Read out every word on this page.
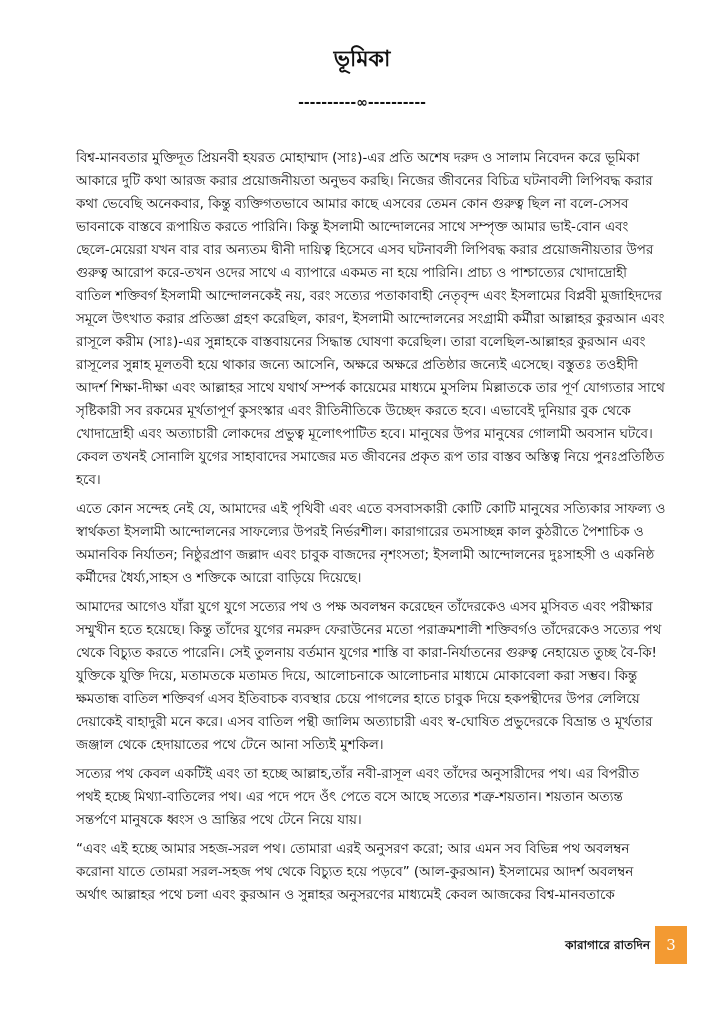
ভূমিকা
----------∞----------

বিশ্ব-মানবতার মুক্তিদূত প্রিয়নবী হযরত মোহাম্মাদ (সাঃ)-এর প্রতি অশেষ দরুদ ও সালাম নিবেদন করে ভূমিকা আকারে দুটি কথা আরজ করার প্রয়োজনীয়তা অনুভব করছি। নিজের জীবনের বিচিত্র ঘটনাবলী লিপিবদ্ধ করার কথা ভেবেছি অনেকবার, কিন্তু ব্যক্তিগতভাবে আমার কাছে এসবের তেমন কোন গুরুত্ব ছিল না বলে-সেসব ভাবনাকে বাস্তবে রূপায়িত করতে পারিনি। কিন্তু ইসলামী আন্দোলনের সাথে সম্পৃক্ত আমার ভাই-বোন এবং ছেলে-মেয়েরা যখন বার বার অন্যতম দ্বীনী দায়িত্ব হিসেবে এসব ঘটনাবলী লিপিবদ্ধ করার প্রয়োজনীয়তার উপর গুরুত্ব আরোপ করে-তখন ওদের সাথে এ ব্যাপারে একমত না হয়ে পারিনি। প্রাচ্য ও পাশ্চাত্যের খোদাদ্রোহী বাতিল শক্তিবর্গ ইসলামী আন্দোলনকেই নয়, বরং সত্যের পতাকাবাহী নেতৃবৃন্দ এবং ইসলামের বিপ্লবী মুজাহিদদের সমূলে উৎখাত করার প্রতিজ্ঞা গ্রহণ করেছিল, কারণ, ইসলামী আন্দোলনের সংগ্রামী কর্মীরা আল্লাহর কুরআন এবং রাসূলে করীম (সাঃ)-এর সুন্নাহকে বাস্তবায়নের সিদ্ধান্ত ঘোষণা করেছিল। তারা বলেছিল-আল্লাহর কুরআন এবং রাসূলের সুন্নাহ মূলতবী হয়ে থাকার জন্যে আসেনি, অক্ষরে অক্ষরে প্রতিষ্ঠার জন্যেই এসেছে। বস্তুতঃ তওহীদী আদর্শ শিক্ষা-দীক্ষা এবং আল্লাহর সাথে যথার্থ সম্পর্ক কায়েমের মাধ্যমে মুসলিম মিল্লাতকে তার পূর্ণ যোগ্যতার সাথে সৃষ্টিকারী সব রকমের মূর্খতাপূর্ণ কুসংস্কার এবং রীতিনীতিকে উচ্ছেদ করতে হবে। এভাবেই দুনিয়ার বুক থেকে খোদাদ্রোহী এবং অত্যাচারী লোকদের প্রভুত্ব মূলোৎপাটিত হবে। মানুষের উপর মানুষের গোলামী অবসান ঘটবে। কেবল তখনই সোনালি যুগের সাহাবাদের সমাজের মত জীবনের প্রকৃত রূপ তার বাস্তব অস্তিত্ব নিয়ে পুনঃপ্রতিষ্ঠিত হবে।

এতে কোন সন্দেহ নেই যে, আমাদের এই পৃথিবী এবং এতে বসবাসকারী কোটি কোটি মানুষের সত্যিকার সাফল্য ও স্বার্থকতা ইসলামী আন্দোলনের সাফল্যের উপরই নির্ভরশীল। কারাগারের তমসাচ্ছন্ন কাল কুঠরীতে পৈশাচিক ও অমানবিক নির্যাতন; নিষ্ঠুরপ্রাণ জল্লাদ এবং চাবুক বাজদের নৃশংসতা; ইসলামী আন্দোলনের দুঃসাহসী ও একনিষ্ঠ কর্মীদের ধৈর্য্য,সাহস ও শক্তিকে আরো বাড়িয়ে দিয়েছে।

আমাদের আগেও যাঁরা যুগে যুগে সত্যের পথ ও পক্ষ অবলম্বন করেছেন তাঁদেরকেও এসব মুসিবত এবং পরীক্ষার সম্মুখীন হতে হয়েছে। কিন্তু তাঁদের যুগের নমরুদ ফেরাউনের মতো পরাক্রমশালী শক্তিবর্গও তাঁদেরকেও সত্যের পথ থেকে বিচ্যুত করতে পারেনি। সেই তুলনায় বর্তমান যুগের শাস্তি বা কারা-নির্যাতনের গুরুত্ব নেহায়েত তুচ্ছ বৈ-কি! যুক্তিকে যুক্তি দিয়ে, মতামতকে মতামত দিয়ে, আলোচনাকে আলোচনার মাধ্যমে মোকাবেলা করা সম্ভব। কিন্তু ক্ষমতান্ধ বাতিল শক্তিবর্গ এসব ইতিবাচক ব্যবস্থার চেয়ে পাগলের হাতে চাবুক দিয়ে হকপন্থীদের উপর লেলিয়ে দেয়াকেই বাহাদুরী মনে করে। এসব বাতিল পন্থী জালিম অত্যাচারী এবং স্ব-ঘোষিত প্রভুদেরকে বিভ্রান্ত ও মূর্খতার জঞ্জাল থেকে হেদায়াতের পথে টেনে আনা সত্যিই মুশকিল।

সত্যের পথ কেবল একটিই এবং তা হচ্ছে আল্লাহ,তাঁর নবী-রাসূল এবং তাঁদের অনুসারীদের পথ। এর বিপরীত পথই হচ্ছে মিথ্যা-বাতিলের পথ। এর পদে পদে ওঁৎ পেতে বসে আছে সত্যের শত্রু-শয়তান। শয়তান অত্যন্ত সন্তর্পণে মানুষকে ধ্বংস ও ভ্রান্তির পথে টেনে নিয়ে যায়।

“এবং এই হচ্ছে আমার সহজ-সরল পথ। তোমারা এরই অনুসরণ করো; আর এমন সব বিভিন্ন পথ অবলম্বন করোনা যাতে তোমরা সরল-সহজ পথ থেকে বিচ্যুত হয়ে পড়বে” (আল-কুরআন) ইসলামের আদর্শ অবলম্বন অর্থাৎ আল্লাহর পথে চলা এবং কুরআন ও সুন্নাহর অনুসরণের মাধ্যমেই কেবল আজকের বিশ্ব-মানবতাকে

কারাগারে রাতদিন	3
